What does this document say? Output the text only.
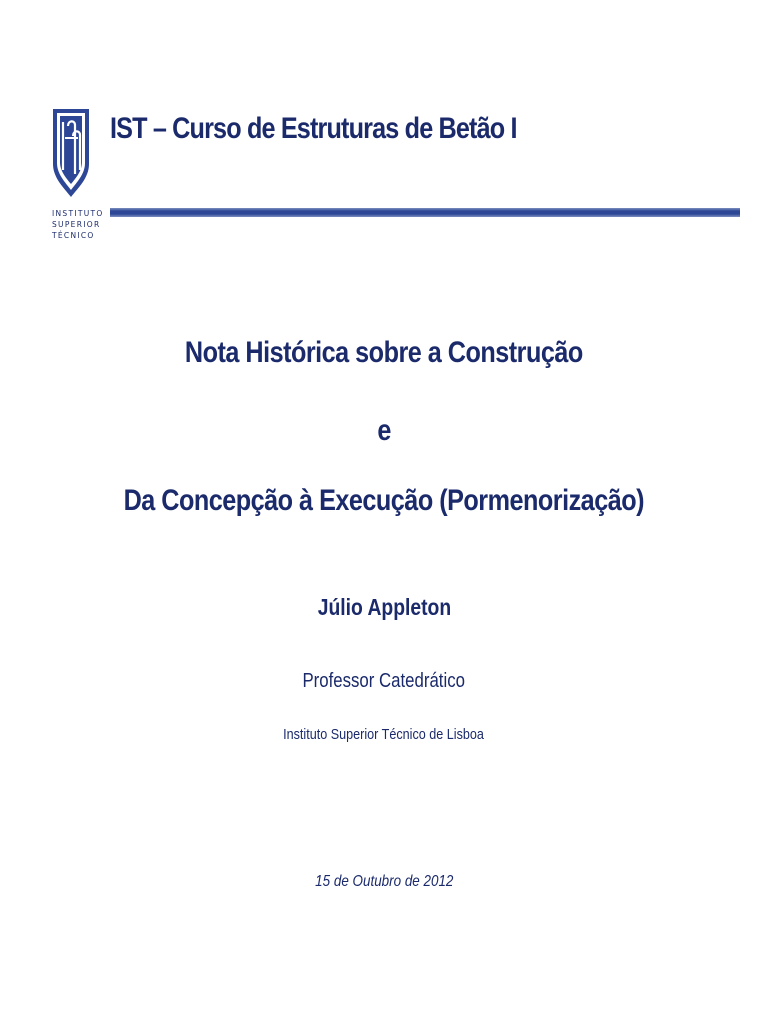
INSTITUTO
SUPERIOR
TÉCNICO
IST – Curso de Estruturas de Betão I
Nota Histórica sobre a Construção
e
Da Concepção à Execução (Pormenorização)
Júlio Appleton
Professor Catedrático
Instituto Superior Técnico de Lisboa
15 de Outubro de 2012
